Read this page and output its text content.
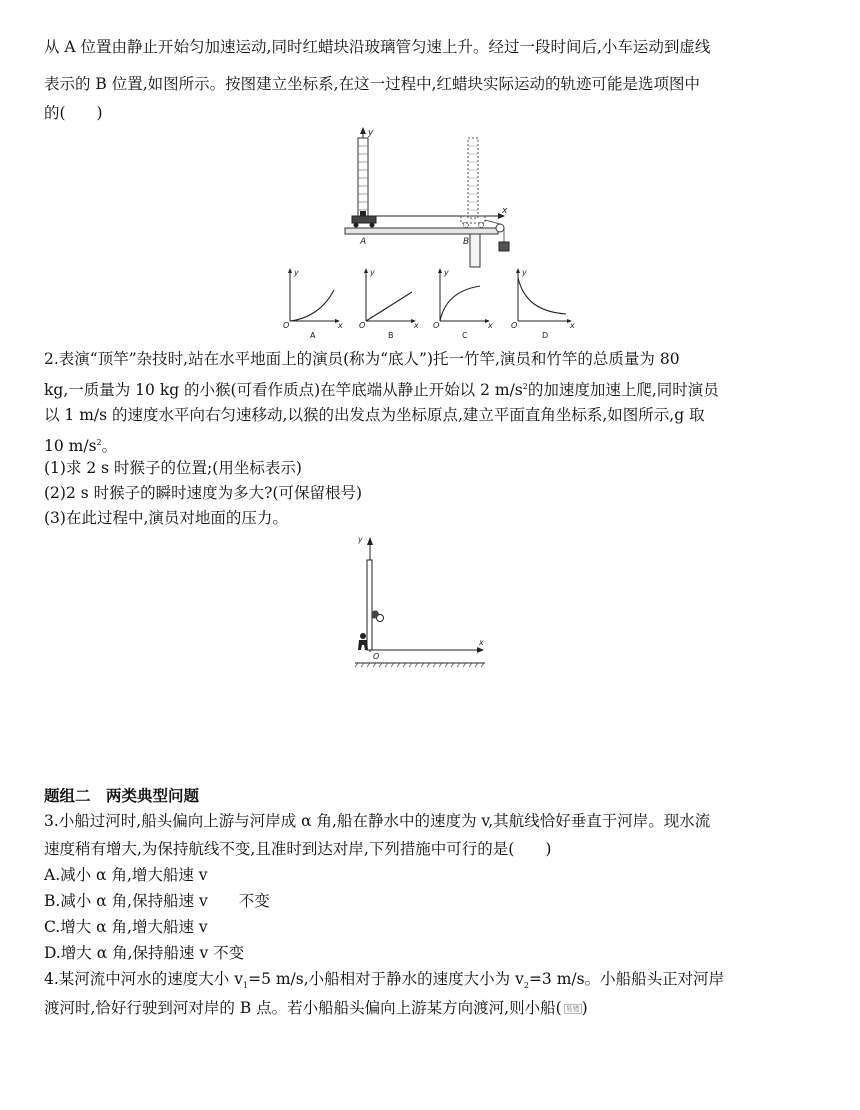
从 A 位置由静止开始匀加速运动,同时红蜡块沿玻璃管匀速上升。经过一段时间后,小车运动到虚线
表示的 B 位置,如图所示。按图建立坐标系,在这一过程中,红蜡块实际运动的轨迹可能是选项图中
的(　　)
y
x
A	B
O
y
x
A
O
y
x
B
O
y
x
C
O
y
x
D
2.表演“顶竿”杂技时,站在水平地面上的演员(称为“底人”)托一竹竿,演员和竹竿的总质量为 80
kg,一质量为 10 kg 的小猴(可看作质点)在竿底端从静止开始以 2 $m/s^2$的加速度加速上爬,同时演员
以 1 m/s 的速度水平向右匀速移动,以猴的出发点为坐标原点,建立平面直角坐标系,如图所示,g 取
10 $m/s^2$。
(1)求 2 s 时猴子的位置;(用坐标表示)
(2)2 s 时猴子的瞬时速度为多大?(可保留根号)
(3)在此过程中,演员对地面的压力。
y
x
O
题组二　两类典型问题
3.小船过河时,船头偏向上游与河岸成 α 角,船在静水中的速度为 v,其航线恰好垂直于河岸。现水流
速度稍有增大,为保持航线不变,且准时到达对岸,下列措施中可行的是(　　)
A.减小 α 角,增大船速 v
B.减小 α 角,保持船速 v　　不变
C.增大 α 角,增大船速 v
D.增大 α 角,保持船速 v 不变
4.某河流中河水的速度大小 $v_1=5$ m/s,小船相对于静水的速度大小为 $v_2=3$ m/s。小船船头正对河岸
渡河时,恰好行驶到河对岸的 B 点。若小船船头偏向上游某方向渡河,则小船( 易错 )
